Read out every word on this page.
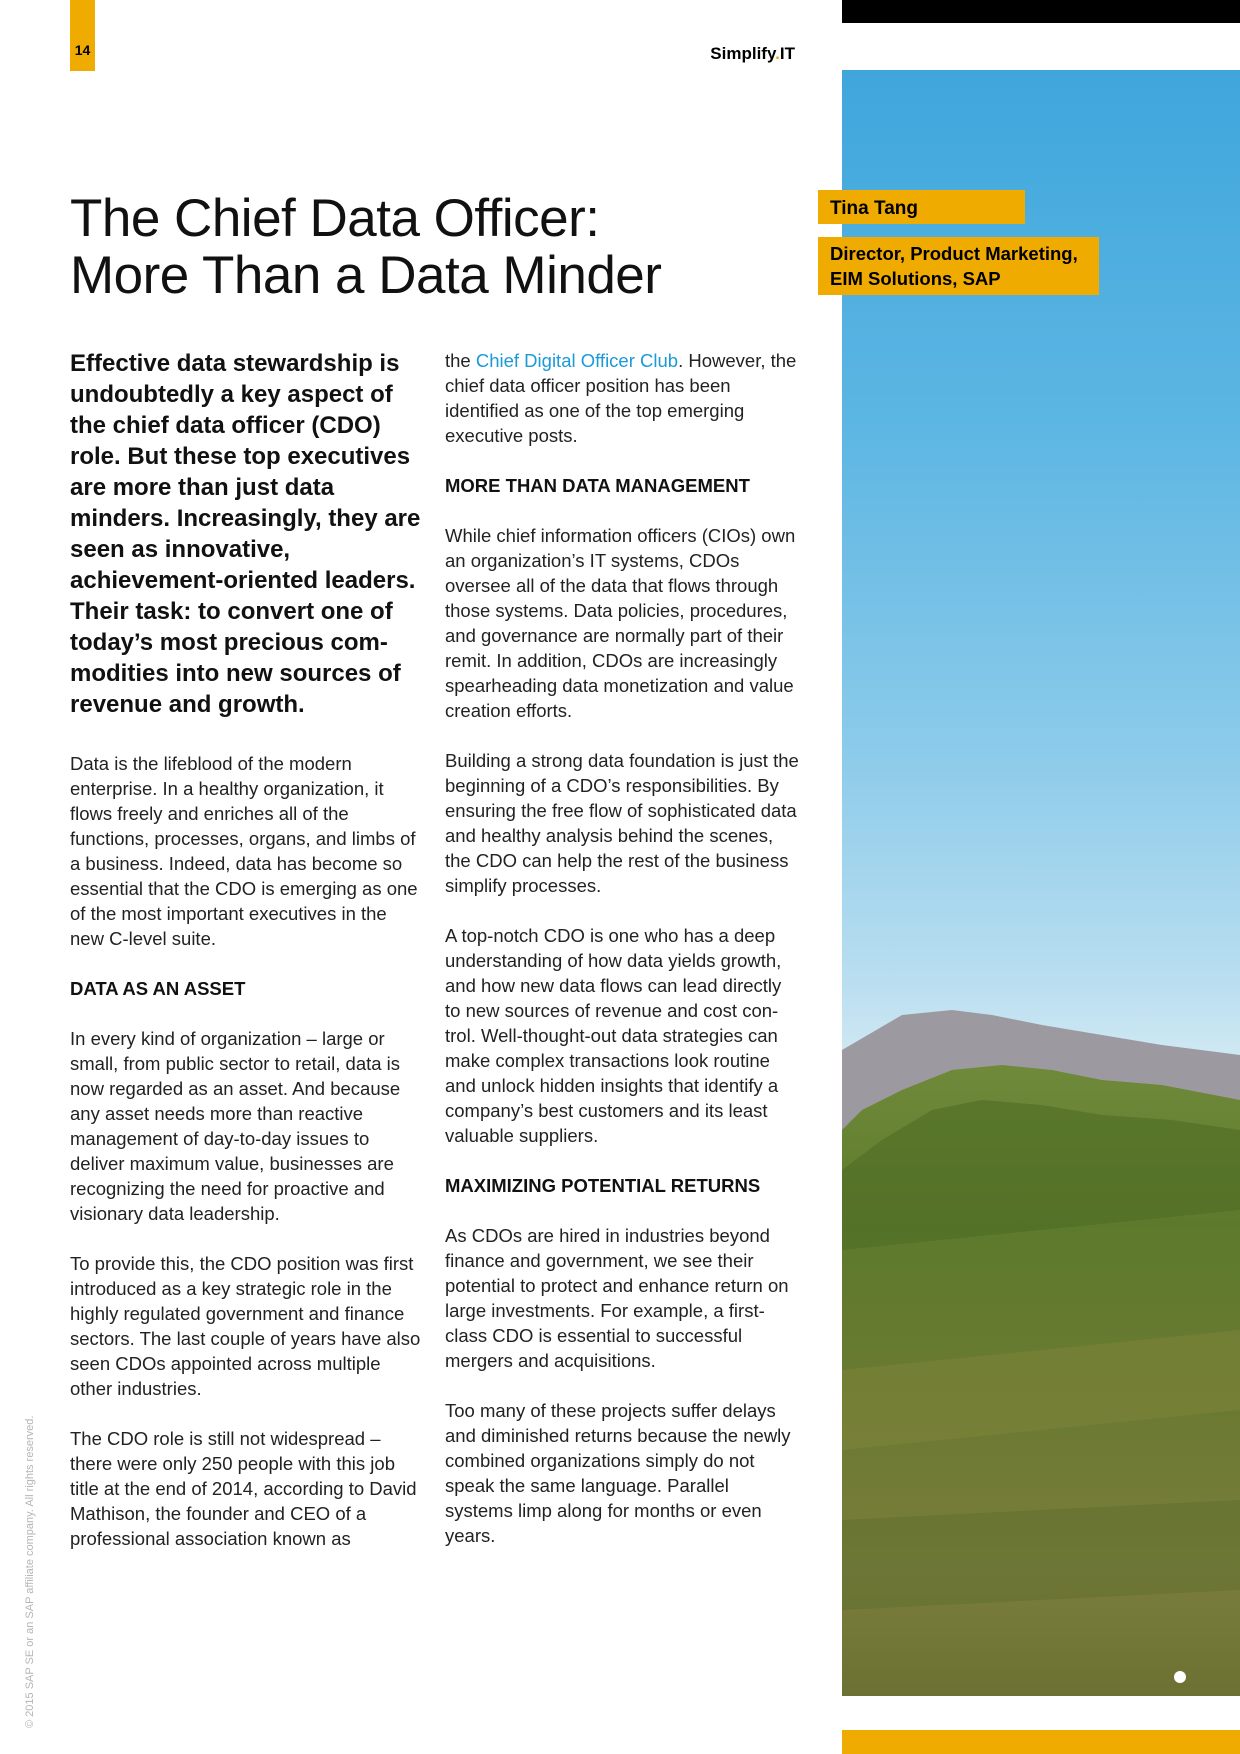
14	Simplify.IT
Tina Tang
Director, Product Marketing,
EIM Solutions, SAP
The Chief Data Officer:
More Than a Data Minder

Effective data stewardship is undoubtedly a key aspect of the chief data officer (CDO) role. But these top executives are more than just data minders. Increasingly, they are seen as innovative, achievement-oriented leaders. Their task: to convert one of today’s most precious com-modities into new sources of revenue and growth.

Data is the lifeblood of the modern enterprise. In a healthy organization, it flows freely and enriches all of the functions, processes, organs, and limbs of a business. Indeed, data has become so essential that the CDO is emerging as one of the most important executives in the new C-level suite.

DATA AS AN ASSET

In every kind of organization – large or small, from public sector to retail, data is now regarded as an asset. And because any asset needs more than reactive management of day-to-day issues to deliver maximum value, businesses are recognizing the need for proactive and visionary data leadership.

To provide this, the CDO position was first introduced as a key strategic role in the highly regulated government and finance sectors. The last couple of years have also seen CDOs appointed across multiple other industries.

The CDO role is still not widespread – there were only 250 people with this job title at the end of 2014, according to David Mathison, the founder and CEO of a professional association known as

the Chief Digital Officer Club. However, the chief data officer position has been identified as one of the top emerging executive posts.

MORE THAN DATA MANAGEMENT

While chief information officers (CIOs) own an organization’s IT systems, CDOs oversee all of the data that flows through those systems. Data policies, procedures, and governance are normally part of their remit. In addition, CDOs are increasingly spearheading data monetization and value creation efforts.

Building a strong data foundation is just the beginning of a CDO’s responsibilities. By ensuring the free flow of sophisticated data and healthy analysis behind the scenes, the CDO can help the rest of the business simplify processes.

A top-notch CDO is one who has a deep understanding of how data yields growth, and how new data flows can lead directly to new sources of revenue and cost con-trol. Well-thought-out data strategies can make complex transactions look routine and unlock hidden insights that identify a company’s best customers and its least valuable suppliers.

MAXIMIZING POTENTIAL RETURNS

As CDOs are hired in industries beyond finance and government, we see their potential to protect and enhance return on large investments. For example, a first-class CDO is essential to successful mergers and acquisitions.

Too many of these projects suffer delays and diminished returns because the newly combined organizations simply do not speak the same language. Parallel systems limp along for months or even years.

© 2015 SAP SE or an SAP affiliate company. All rights reserved.
